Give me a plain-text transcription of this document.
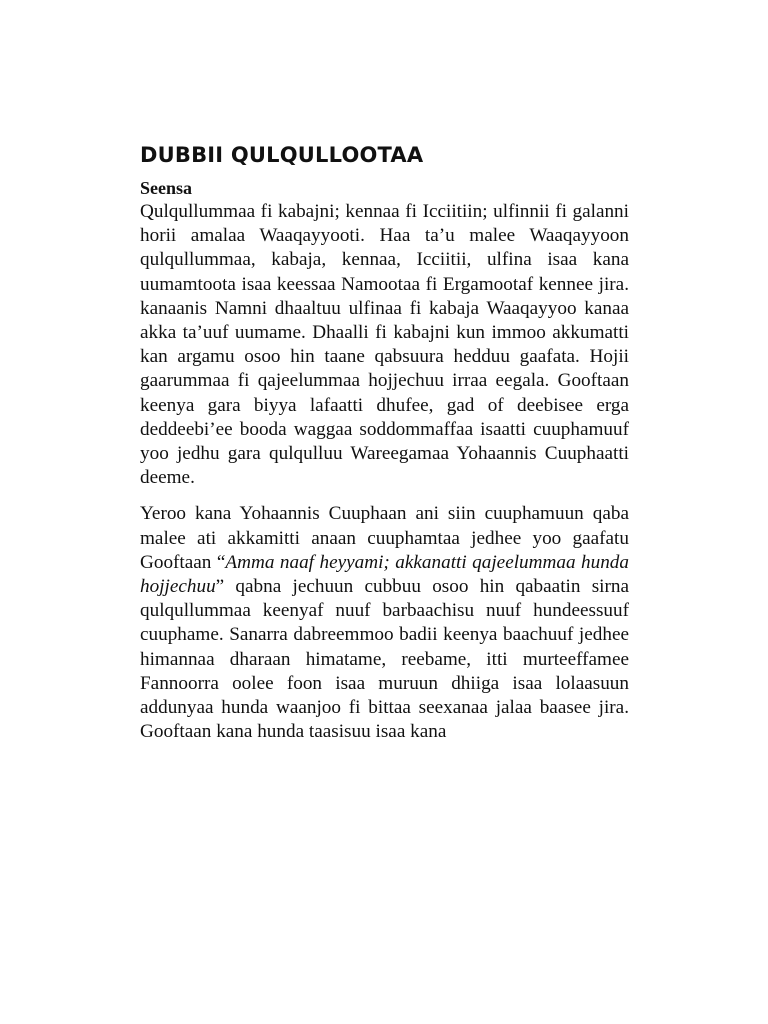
DUBBII QULQULLOOTAA

Seensa

Qulqullummaa fi kabajni; kennaa fi Icciitiin; ulfinnii fi galanni horii amalaa Waaqayyooti. Haa ta’u malee Waaqayyoon qulqullummaa, kabaja, kennaa, Icciitii, ulfina isaa kana uumamtoota isaa keessaa Namootaa fi Ergamootaf kennee jira. kanaanis Namni dhaaltuu ulfinaa fi kabaja Waaqayyoo kanaa akka ta’uuf uumame. Dhaalli fi kabajni kun immoo akkumatti kan argamu osoo hin taane qabsuura hedduu gaafata. Hojii gaarummaa fi qajeelummaa hojjechuu irraa eegala. Gooftaan keenya gara biyya lafaatti dhufee, gad of deebisee erga deddeebi’ee booda waggaa soddommaffaa isaatti cuuphamuuf yoo jedhu gara qulqulluu Wareegamaa Yohaannis Cuuphaatti deeme.

Yeroo kana Yohaannis Cuuphaan ani siin cuuphamuun qaba malee ati akkamitti anaan cuuphamtaa jedhee yoo gaafatu Gooftaan “Amma naaf heyyami; akkanatti qajeelummaa hunda hojjechuu” qabna jechuun cubbuu osoo hin qabaatin sirna qulqullummaa keenyaf nuuf barbaachisu nuuf hundeessuuf cuuphame. Sanarra dabreemmoo badii keenya baachuuf jedhee himannaa dharaan himatame, reebame, itti murteeffamee Fannoorra oolee foon isaa muruun dhiiga isaa lolaasuun addunyaa hunda waanjoo fi bittaa seexanaa jalaa baasee jira. Gooftaan kana hunda taasisuu isaa kana
